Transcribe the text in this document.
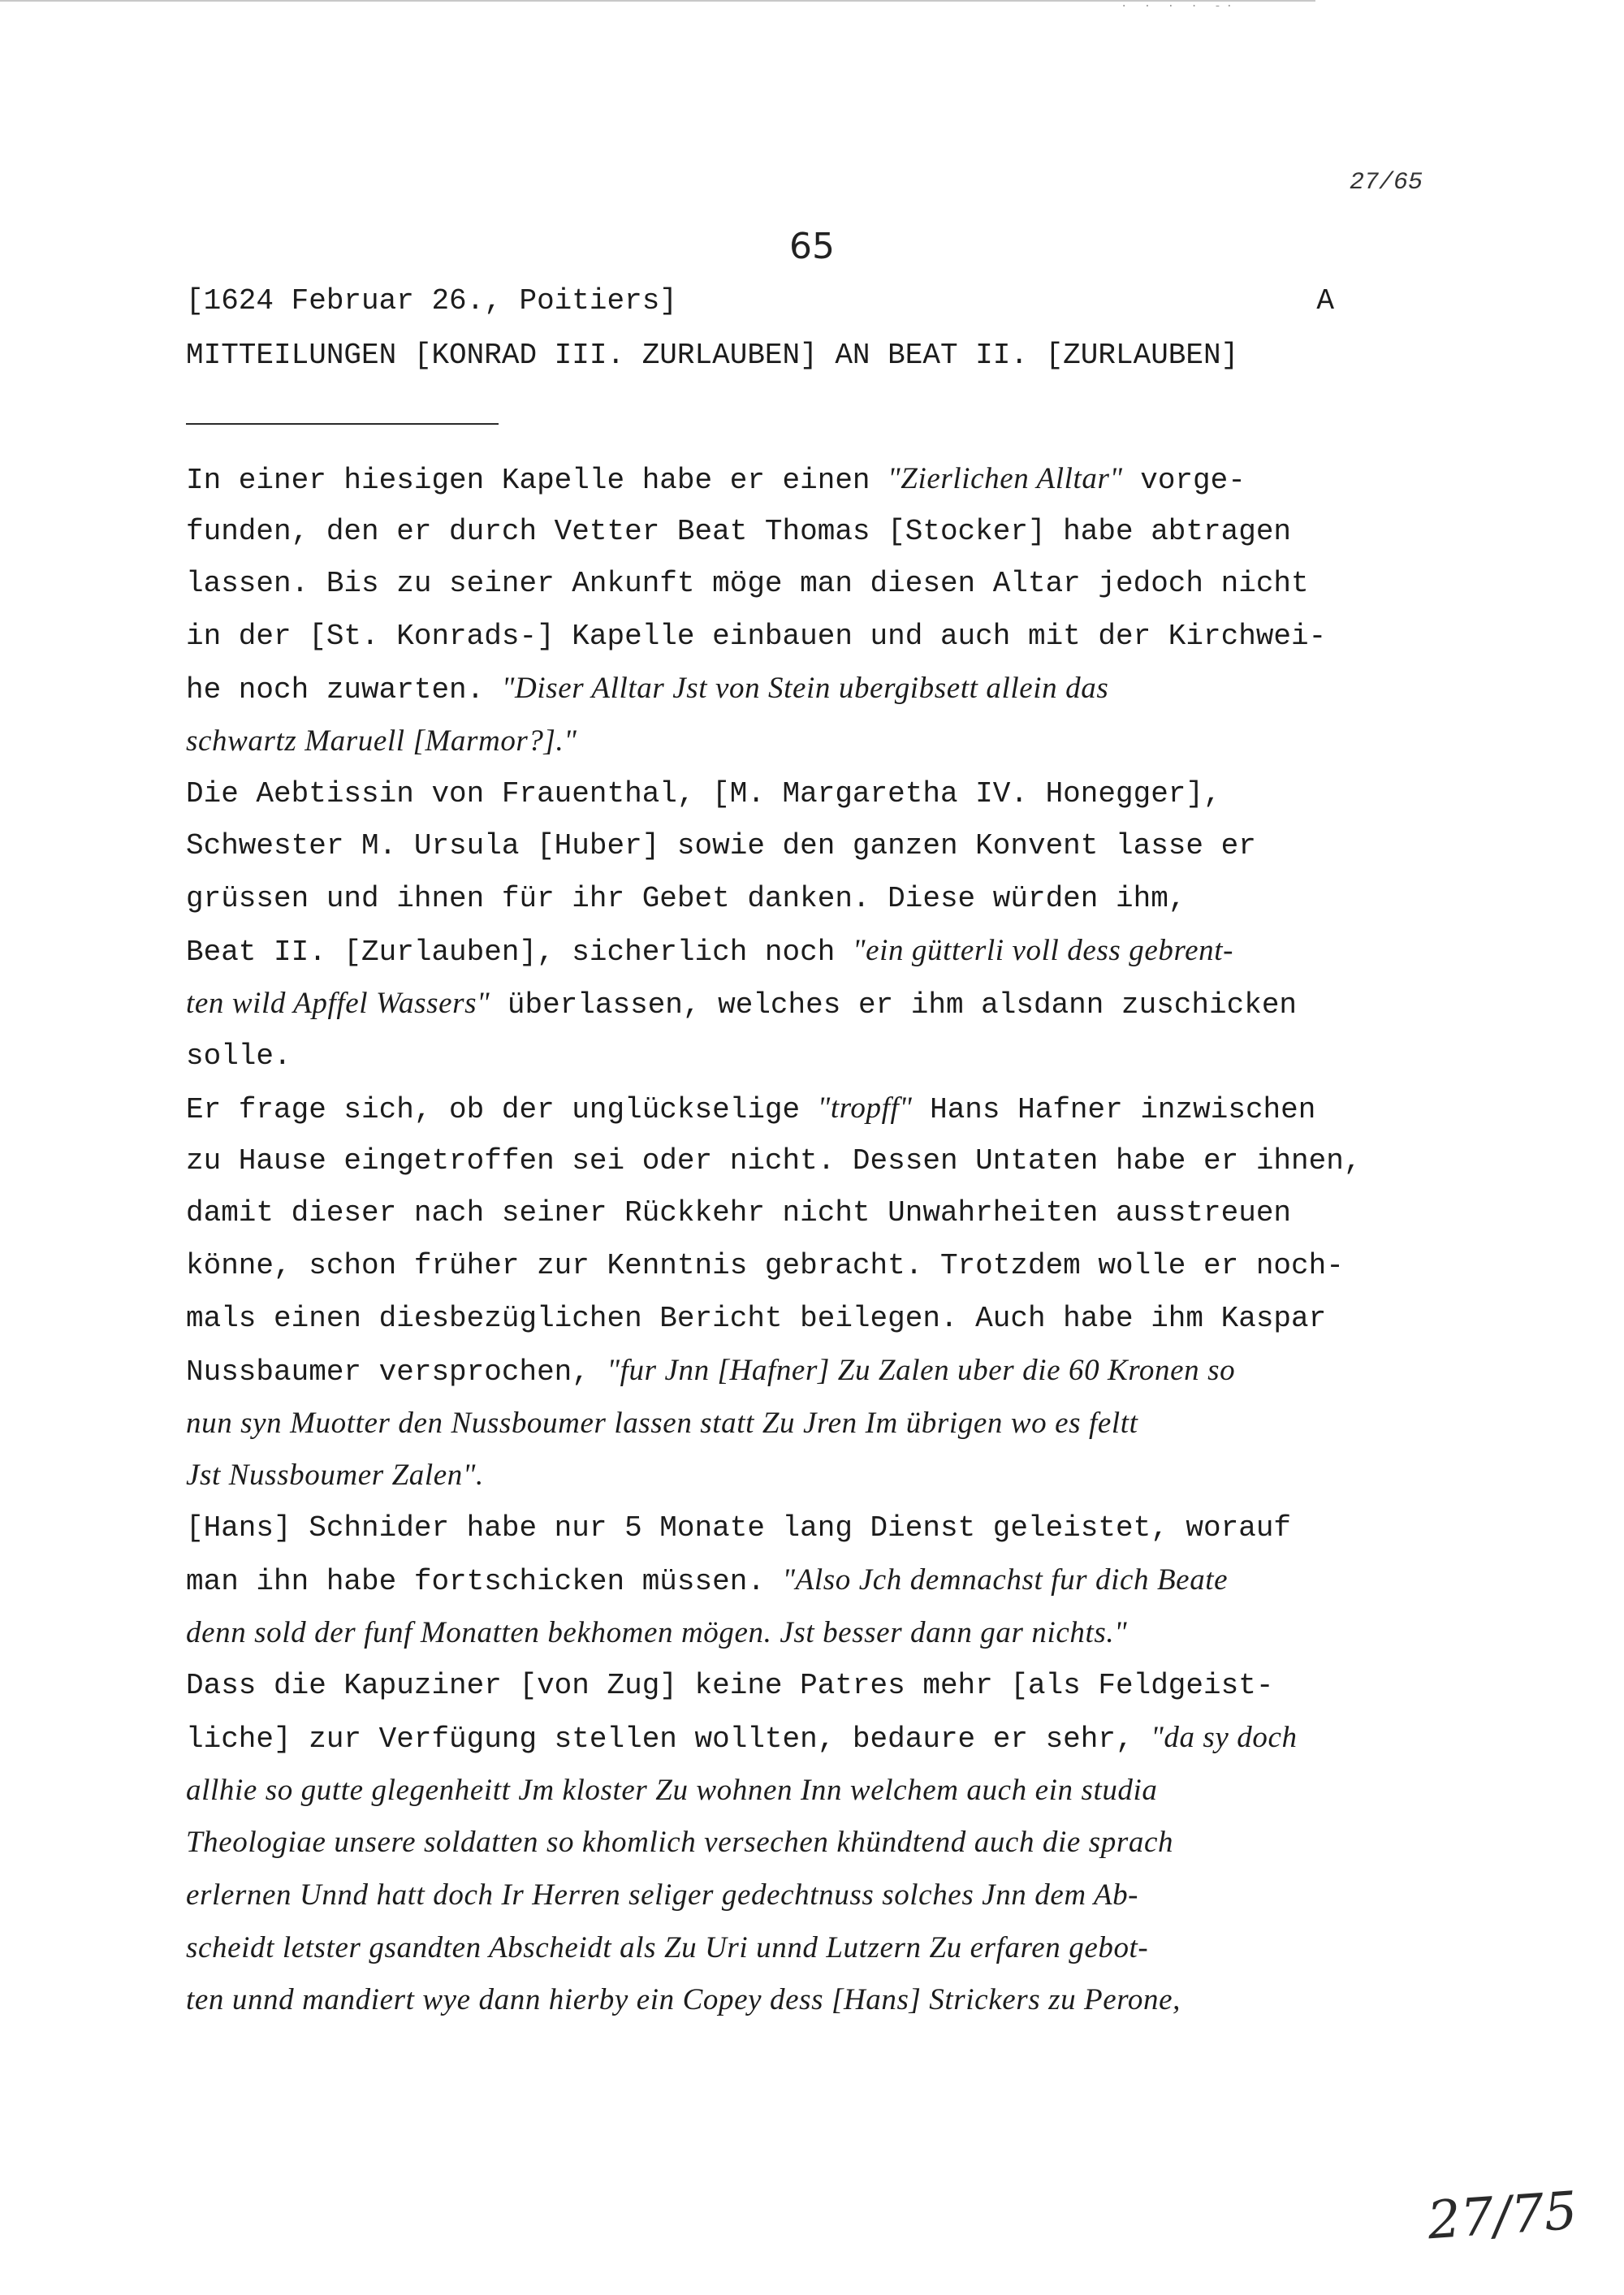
· · · · -·
27/65
65
[1624 Februar 26., Poitiers]	A
MITTEILUNGEN [KONRAD III. ZURLAUBEN] AN BEAT II. [ZURLAUBEN]
In einer hiesigen Kapelle habe er einen "Zierlichen Alltar" vorge-
funden, den er durch Vetter Beat Thomas [Stocker] habe abtragen
lassen. Bis zu seiner Ankunft möge man diesen Altar jedoch nicht
in der [St. Konrads-] Kapelle einbauen und auch mit der Kirchwei-
he noch zuwarten. "Diser Alltar Jst von Stein ubergibsett allein das
schwartz Maruell [Marmor?]."
Die Aebtissin von Frauenthal, [M. Margaretha IV. Honegger],
Schwester M. Ursula [Huber] sowie den ganzen Konvent lasse er
grüssen und ihnen für ihr Gebet danken. Diese würden ihm,
Beat II. [Zurlauben], sicherlich noch "ein gütterli voll dess gebrent-
ten wild Apffel Wassers" überlassen, welches er ihm alsdann zuschicken
solle.
Er frage sich, ob der unglückselige "tropff" Hans Hafner inzwischen
zu Hause eingetroffen sei oder nicht. Dessen Untaten habe er ihnen,
damit dieser nach seiner Rückkehr nicht Unwahrheiten ausstreuen
könne, schon früher zur Kenntnis gebracht. Trotzdem wolle er noch-
mals einen diesbezüglichen Bericht beilegen. Auch habe ihm Kaspar
Nussbaumer versprochen, "fur Jnn [Hafner] Zu Zalen uber die 60 Kronen so
nun syn Muotter den Nussboumer lassen statt Zu Jren Im übrigen wo es feltt
Jst Nussboumer Zalen".
[Hans] Schnider habe nur 5 Monate lang Dienst geleistet, worauf
man ihn habe fortschicken müssen. "Also Jch demnachst fur dich Beate
denn sold der funf Monatten bekhomen mögen. Jst besser dann gar nichts."
Dass die Kapuziner [von Zug] keine Patres mehr [als Feldgeist-
liche] zur Verfügung stellen wollten, bedaure er sehr, "da sy doch
allhie so gutte glegenheitt Jm kloster Zu wohnen Inn welchem auch ein studia
Theologiae unsere soldatten so khomlich versechen khündtend auch die sprach
erlernen Unnd hatt doch Ir Herren seliger gedechtnuss solches Jnn dem Ab-
scheidt letster gsandten Abscheidt als Zu Uri unnd Lutzern Zu erfaren gebot-
ten unnd mandiert wye dann hierby ein Copey dess [Hans] Strickers zu Perone,
27/75
